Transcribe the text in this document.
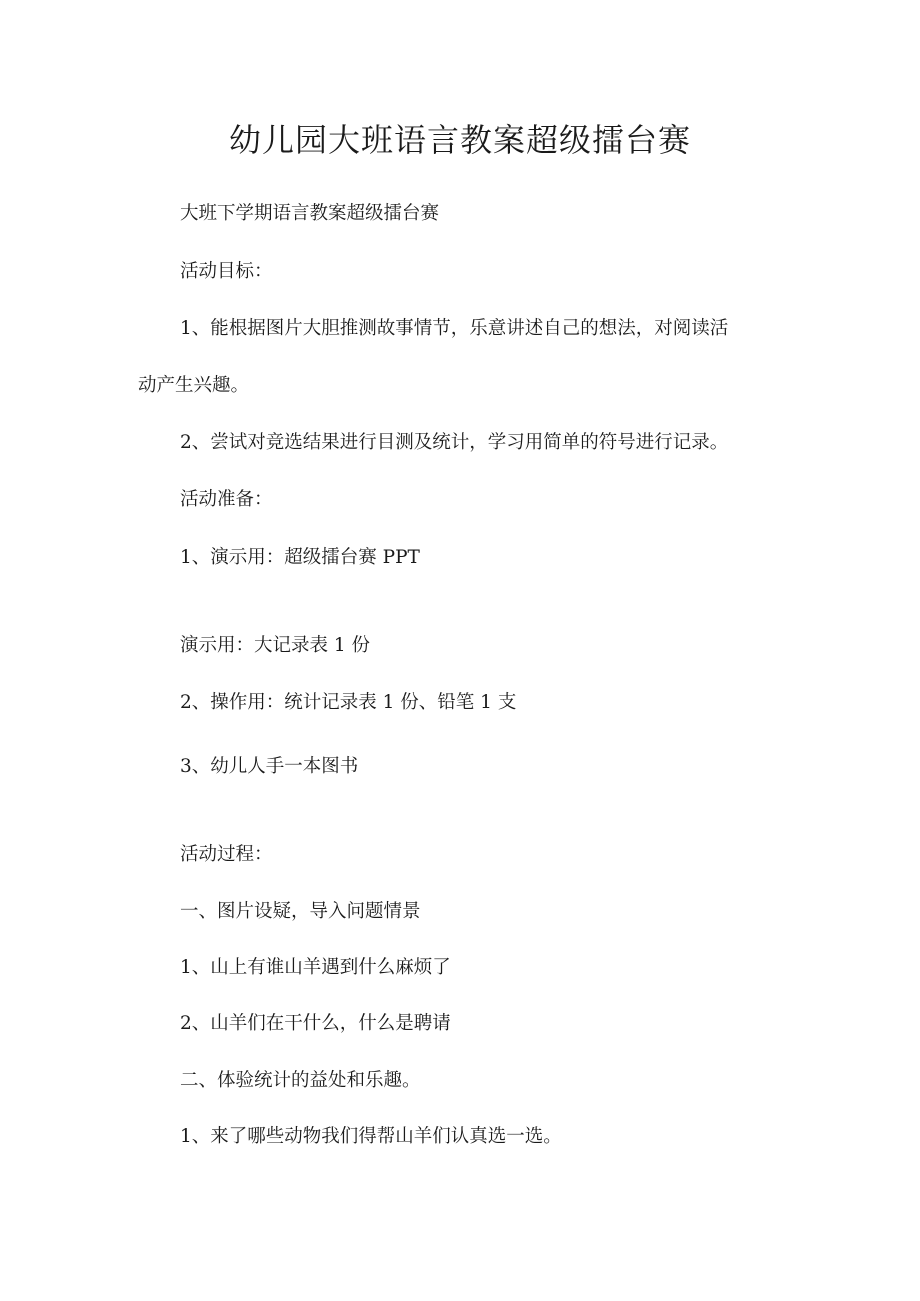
幼儿园大班语言教案超级擂台赛

大班下学期语言教案超级擂台赛

活动目标：

1、能根据图片大胆推测故事情节，乐意讲述自己的想法，对阅读活

动产生兴趣。

2、尝试对竞选结果进行目测及统计，学习用简单的符号进行记录。

活动准备：

1、演示用：超级擂台赛 PPT

演示用：大记录表 1 份

2、操作用：统计记录表 1 份、铅笔 1 支

3、幼儿人手一本图书

活动过程：

一、图片设疑，导入问题情景

1、山上有谁山羊遇到什么麻烦了

2、山羊们在干什么，什么是聘请

二、体验统计的益处和乐趣。

1、来了哪些动物我们得帮山羊们认真选一选。
